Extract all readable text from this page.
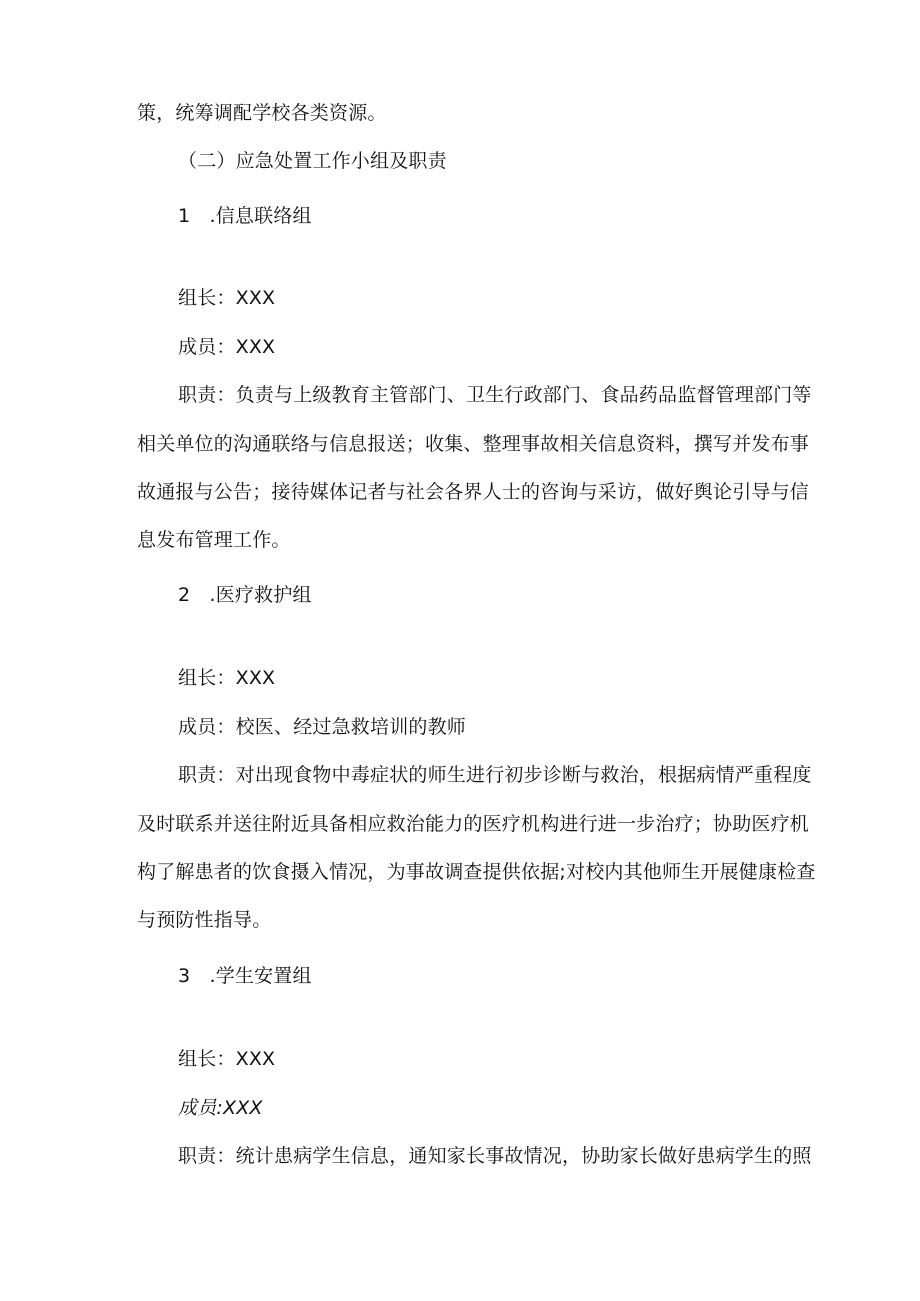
策，统筹调配学校各类资源。
（二）应急处置工作小组及职责
1　.信息联络组
组长：XXX
成员：XXX
职责：负责与上级教育主管部门、卫生行政部门、食品药品监督管理部门等
相关单位的沟通联络与信息报送；收集、整理事故相关信息资料，撰写并发布事
故通报与公告；接待媒体记者与社会各界人士的咨询与采访，做好舆论引导与信
息发布管理工作。
2　.医疗救护组
组长：XXX
成员：校医、经过急救培训的教师
职责：对出现食物中毒症状的师生进行初步诊断与救治，根据病情严重程度
及时联系并送往附近具备相应救治能力的医疗机构进行进一步治疗；协助医疗机
构了解患者的饮食摄入情况，为事故调查提供依据;对校内其他师生开展健康检查
与预防性指导。
3　.学生安置组
组长：XXX
成员:XXX
职责：统计患病学生信息，通知家长事故情况，协助家长做好患病学生的照
